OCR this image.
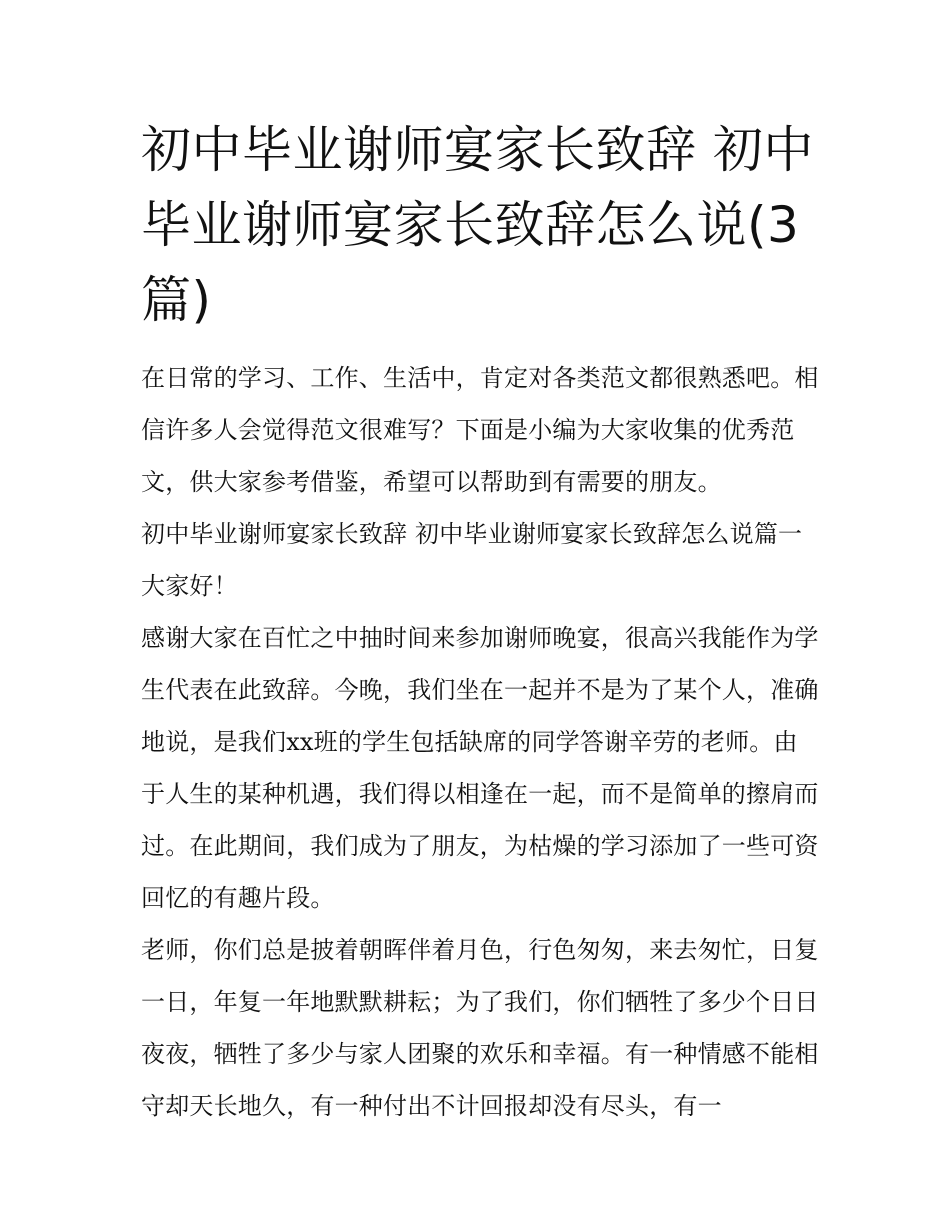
初中毕业谢师宴家长致辞 初中毕业谢师宴家长致辞怎么说(3篇)

在日常的学习、工作、生活中，肯定对各类范文都很熟悉吧。相信许多人会觉得范文很难写？下面是小编为大家收集的优秀范文，供大家参考借鉴，希望可以帮助到有需要的朋友。

初中毕业谢师宴家长致辞 初中毕业谢师宴家长致辞怎么说篇一 大家好！

感谢大家在百忙之中抽时间来参加谢师晚宴，很高兴我能作为学生代表在此致辞。今晚，我们坐在一起并不是为了某个人，准确地说，是我们xx班的学生包括缺席的同学答谢辛劳的老师。由于人生的某种机遇，我们得以相逢在一起，而不是简单的擦肩而过。在此期间，我们成为了朋友，为枯燥的学习添加了一些可资回忆的有趣片段。

老师，你们总是披着朝晖伴着月色，行色匆匆，来去匆忙，日复一日，年复一年地默默耕耘；为了我们，你们牺牲了多少个日日夜夜，牺牲了多少与家人团聚的欢乐和幸福。有一种情感不能相守却天长地久，有一种付出不计回报却没有尽头，有一
